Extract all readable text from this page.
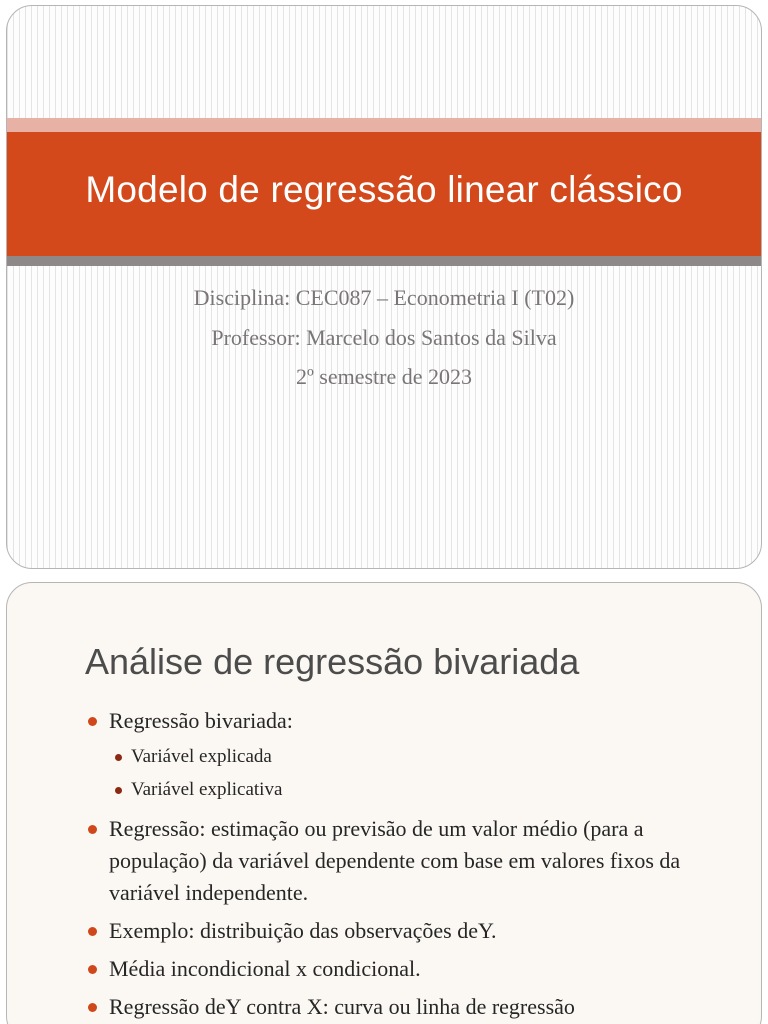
Modelo de regressão linear clássico
Disciplina: CEC087 – Econometria I (T02)
Professor: Marcelo dos Santos da Silva
2º semestre de 2023
Análise de regressão bivariada
Regressão bivariada:
Variável explicada
Variável explicativa
Regressão: estimação ou previsão de um valor médio (para a população) da variável dependente com base em valores fixos da variável independente.
Exemplo: distribuição das observações deY.
Média incondicional x condicional.
Regressão deY contra X: curva ou linha de regressão
